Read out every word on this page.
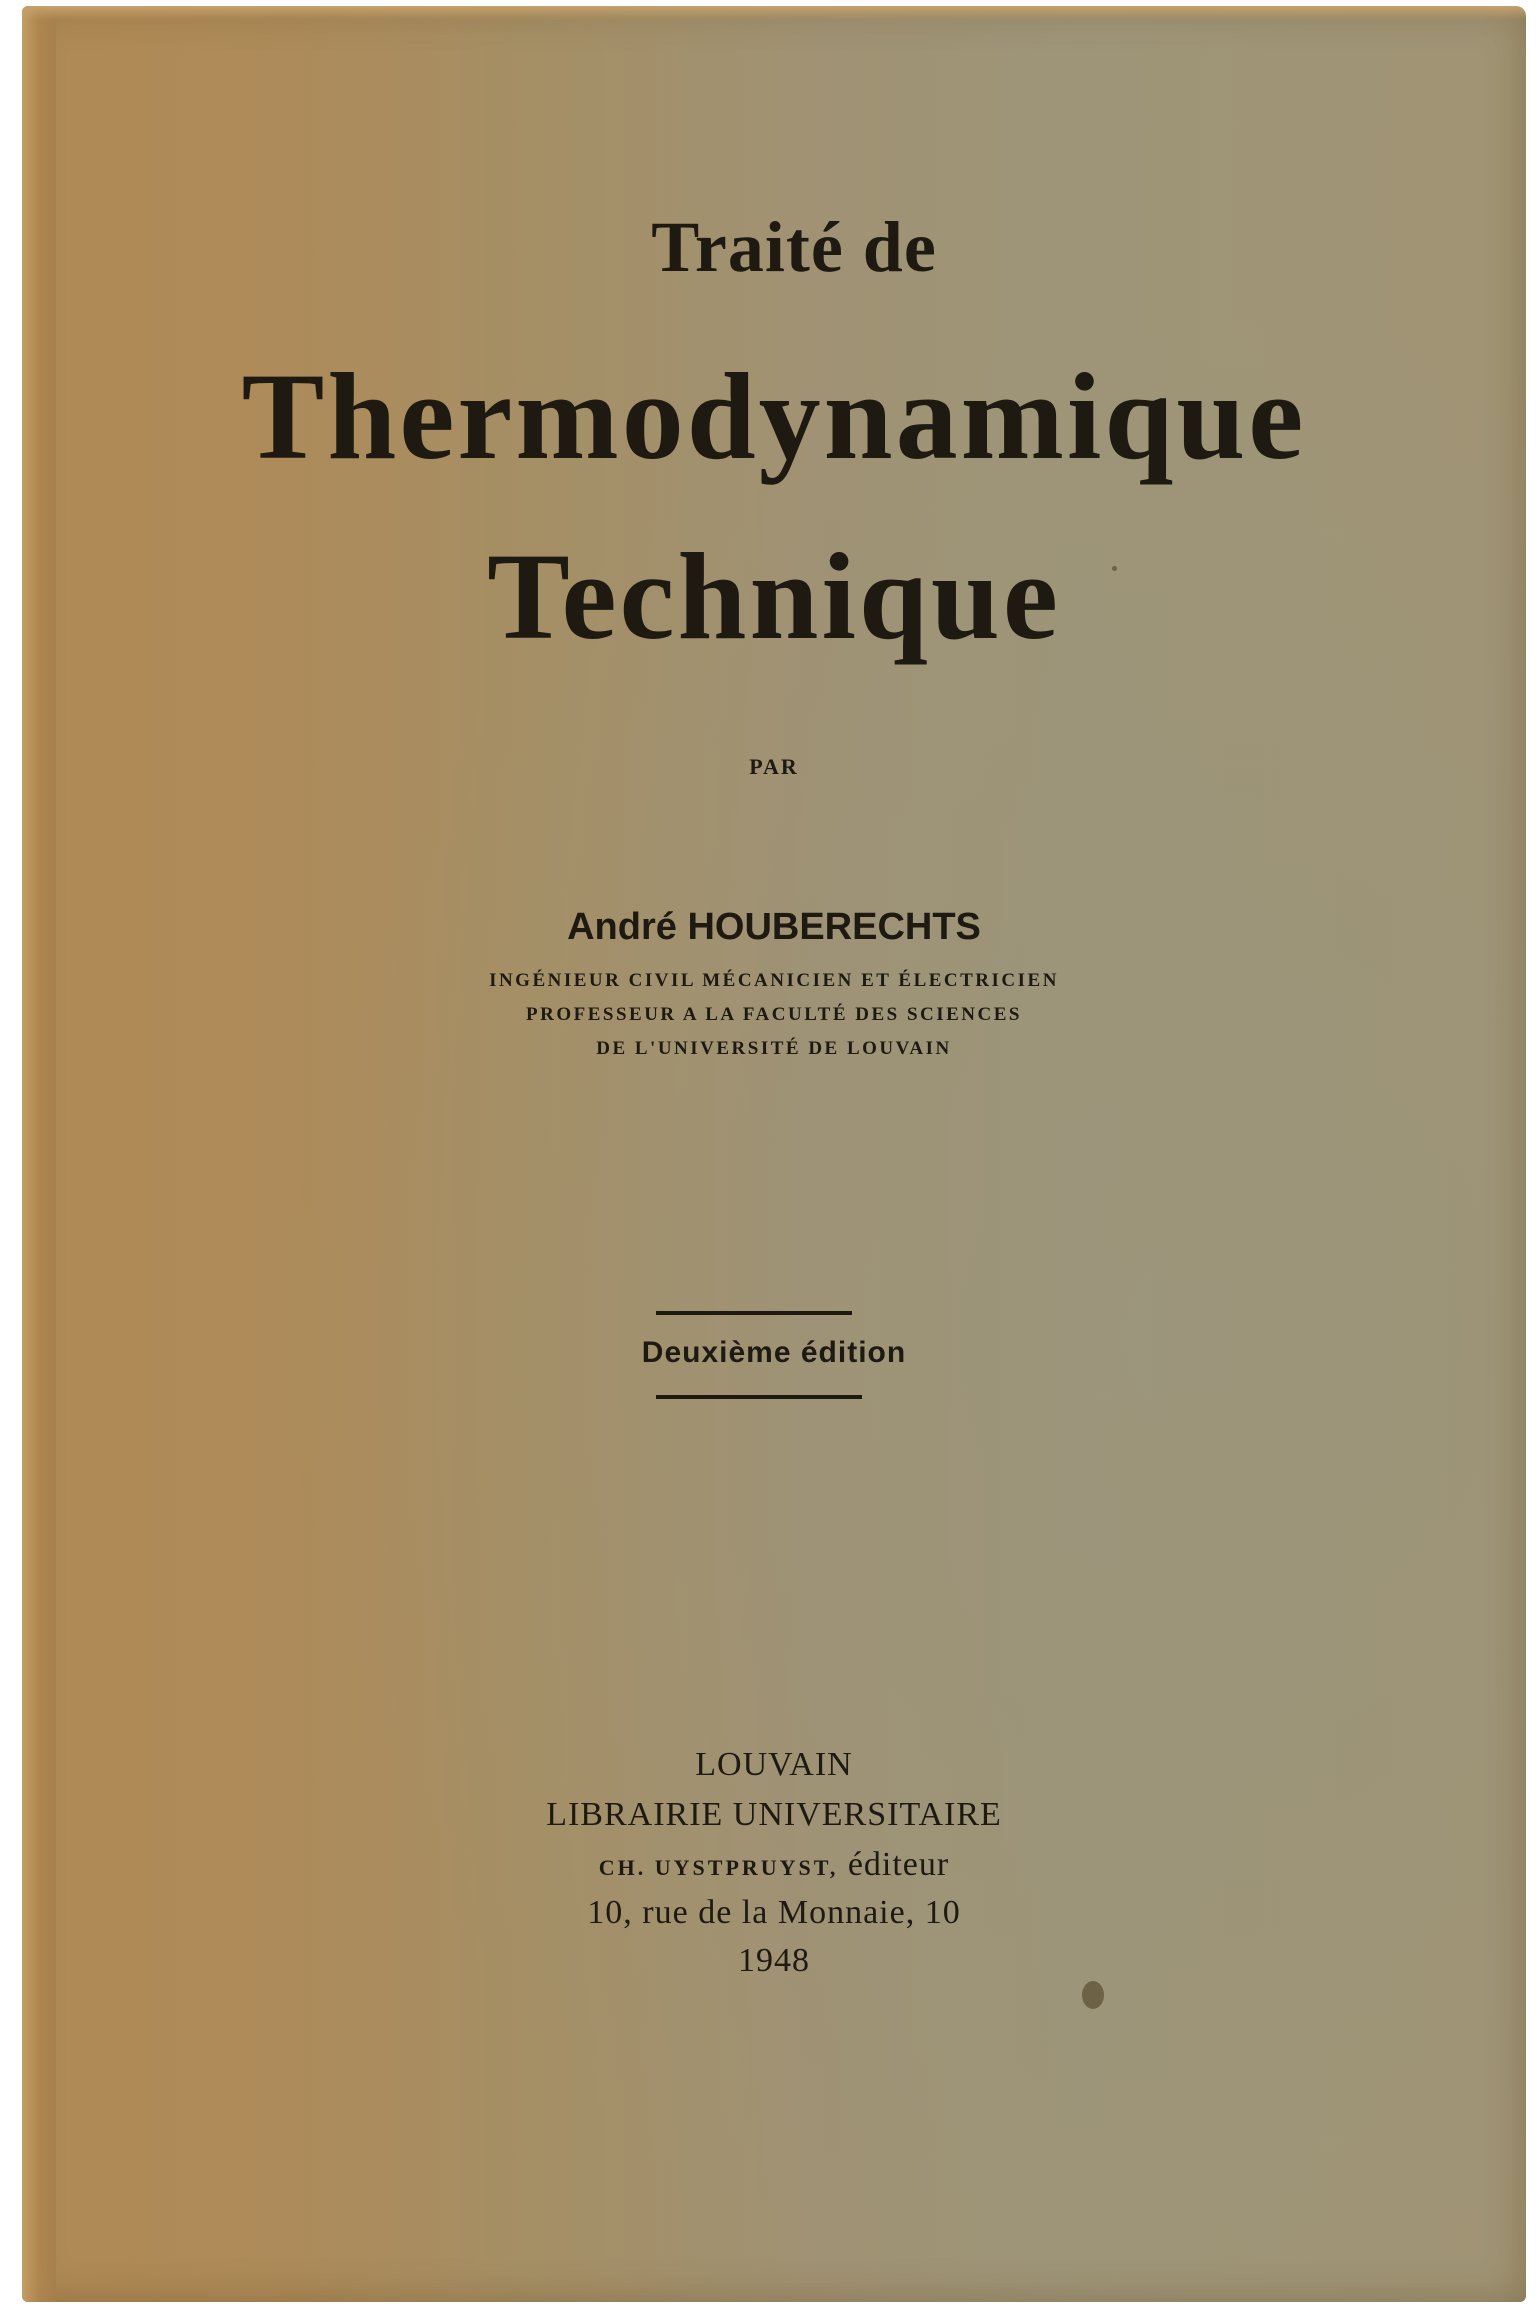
Traité de

Thermodynamique

Technique

PAR

André HOUBERECHTS

INGÉNIEUR CIVIL MÉCANICIEN ET ÉLECTRICIEN

PROFESSEUR A LA FACULTÉ DES SCIENCES

DE L'UNIVERSITÉ DE LOUVAIN

Deuxième édition

LOUVAIN

LIBRAIRIE UNIVERSITAIRE

CH. UYSTPRUYST, éditeur

10, rue de la Monnaie, 10

1948
